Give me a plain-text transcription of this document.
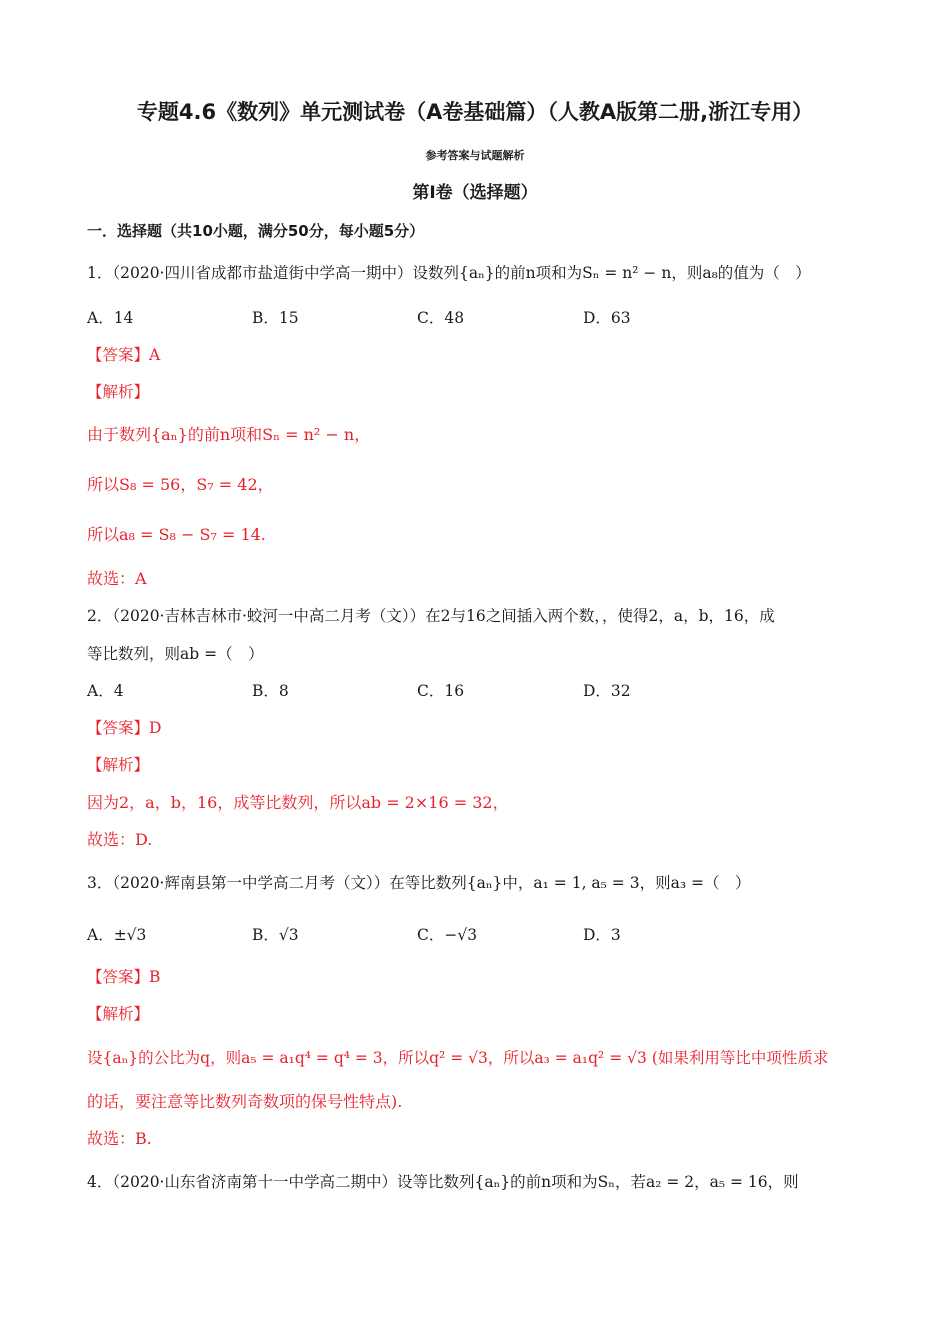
专题4.6《数列》单元测试卷（A卷基础篇）（人教A版第二册,浙江专用）
参考答案与试题解析
第Ⅰ卷（选择题）
一．选择题（共10小题，满分50分，每小题5分）
1．（2020·四川省成都市盐道街中学高一期中）设数列{aₙ}的前n项和为Sₙ = n² − n，则a₈的值为（　）
A．14	B．15	C．48	D．63
【答案】A
【解析】
由于数列{aₙ}的前n项和Sₙ = n² − n，
所以S₈ = 56，S₇ = 42，
所以a₈ = S₈ − S₇ = 14.
故选：A
2．（2020·吉林吉林市·蛟河一中高二月考（文））在2与16之间插入两个数，，使得2，a，b，16，成
等比数列，则ab =（　）
A．4	B．8	C．16	D．32
【答案】D
【解析】
因为2，a，b，16，成等比数列，所以ab = 2×16 = 32，
故选：D.
3．（2020·辉南县第一中学高二月考（文））在等比数列{aₙ}中，a₁ = 1, a₅ = 3，则a₃ =（　）
A．±√3	B．√3	C．−√3	D．3
【答案】B
【解析】
设{aₙ}的公比为q，则a₅ = a₁q⁴ = q⁴ = 3，所以q² = √3，所以a₃ = a₁q² = √3 (如果利用等比中项性质求
的话，要注意等比数列奇数项的保号性特点).
故选：B.
4．（2020·山东省济南第十一中学高二期中）设等比数列{aₙ}的前n项和为Sₙ，若a₂ = 2，a₅ = 16，则
